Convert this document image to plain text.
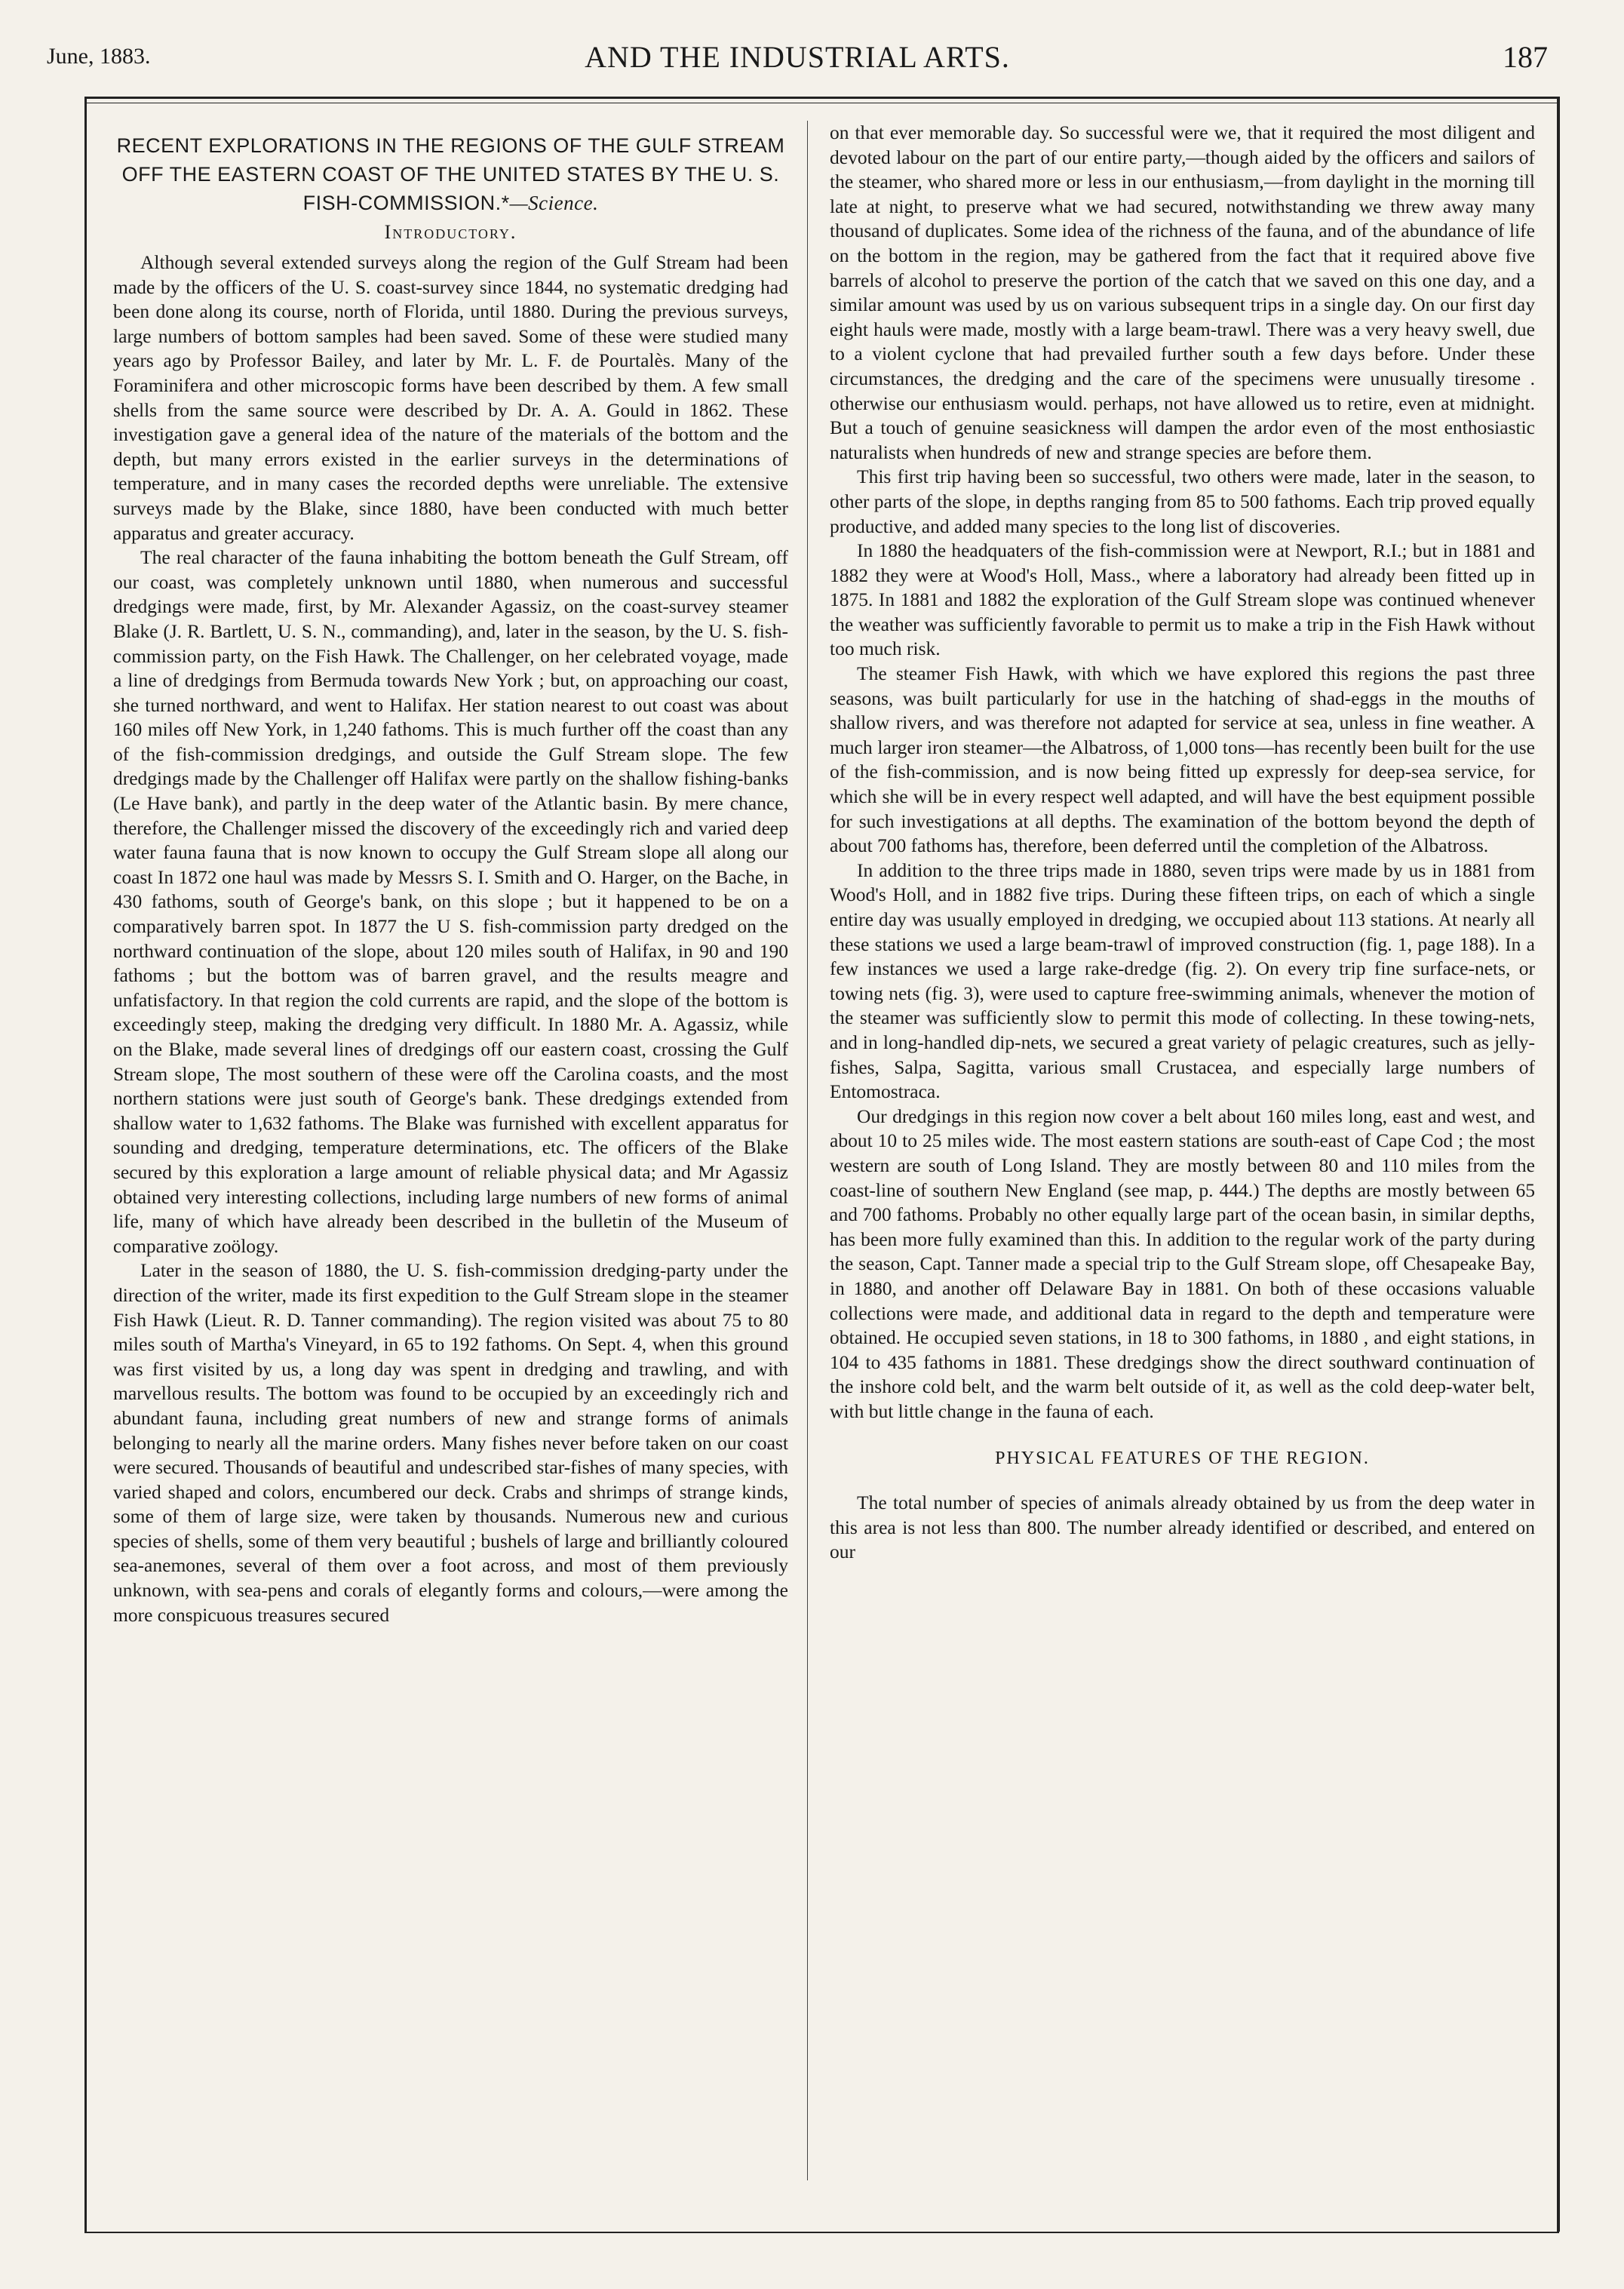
June, 1883.	AND THE INDUSTRIAL ARTS.	187
RECENT EXPLORATIONS IN THE REGIONS OF THE GULF STREAM OFF THE EASTERN COAST OF THE UNITED STATES BY THE U. S. FISH-COMMISSION.*—Science.
Introductory.

Although several extended surveys along the region of the Gulf Stream had been made by the officers of the U. S. coast-survey since 1844, no systematic dredging had been done along its course, north of Florida, until 1880. During the previous surveys, large numbers of bottom samples had been saved. Some of these were studied many years ago by Professor Bailey, and later by Mr. L. F. de Pourtalès. Many of the Foraminifera and other microscopic forms have been described by them. A few small shells from the same source were described by Dr. A. A. Gould in 1862. These investigation gave a general idea of the nature of the materials of the bottom and the depth, but many errors existed in the earlier surveys in the determinations of temperature, and in many cases the recorded depths were unreliable. The extensive surveys made by the Blake, since 1880, have been conducted with much better apparatus and greater accuracy.

The real character of the fauna inhabiting the bottom beneath the Gulf Stream, off our coast, was completely unknown until 1880, when numerous and successful dredgings were made, first, by Mr. Alexander Agassiz, on the coast-survey steamer Blake (J. R. Bartlett, U. S. N., commanding), and, later in the season, by the U. S. fish-commission party, on the Fish Hawk. The Challenger, on her celebrated voyage, made a line of dredgings from Bermuda towards New York ; but, on approaching our coast, she turned northward, and went to Halifax. Her station nearest to out coast was about 160 miles off New York, in 1,240 fathoms. This is much further off the coast than any of the fish-commission dredgings, and outside the Gulf Stream slope. The few dredgings made by the Challenger off Halifax were partly on the shallow fishing-banks (Le Have bank), and partly in the deep water of the Atlantic basin. By mere chance, therefore, the Challenger missed the discovery of the exceedingly rich and varied deep water fauna fauna that is now known to occupy the Gulf Stream slope all along our coast In 1872 one haul was made by Messrs S. I. Smith and O. Harger, on the Bache, in 430 fathoms, south of George's bank, on this slope ; but it happened to be on a comparatively barren spot. In 1877 the U S. fish-commission party dredged on the northward continuation of the slope, about 120 miles south of Halifax, in 90 and 190 fathoms ; but the bottom was of barren gravel, and the results meagre and unfatisfactory. In that region the cold currents are rapid, and the slope of the bottom is exceedingly steep, making the dredging very difficult. In 1880 Mr. A. Agassiz, while on the Blake, made several lines of dredgings off our eastern coast, crossing the Gulf Stream slope, The most southern of these were off the Carolina coasts, and the most northern stations were just south of George's bank. These dredgings extended from shallow water to 1,632 fathoms. The Blake was furnished with excellent apparatus for sounding and dredging, temperature determinations, etc. The officers of the Blake secured by this exploration a large amount of reliable physical data; and Mr Agassiz obtained very interesting collections, including large numbers of new forms of animal life, many of which have already been described in the bulletin of the Museum of comparative zoölogy.

Later in the season of 1880, the U. S. fish-commission dredging-party under the direction of the writer, made its first expedition to the Gulf Stream slope in the steamer Fish Hawk (Lieut. R. D. Tanner commanding). The region visited was about 75 to 80 miles south of Martha's Vineyard, in 65 to 192 fathoms. On Sept. 4, when this ground was first visited by us, a long day was spent in dredging and trawling, and with marvellous results. The bottom was found to be occupied by an exceedingly rich and abundant fauna, including great numbers of new and strange forms of animals belonging to nearly all the marine orders. Many fishes never before taken on our coast were secured. Thousands of beautiful and undescribed star-fishes of many species, with varied shaped and colors, encumbered our deck. Crabs and shrimps of strange kinds, some of them of large size, were taken by thousands. Numerous new and curious species of shells, some of them very beautiful ; bushels of large and brilliantly coloured sea-anemones, several of them over a foot across, and most of them previously unknown, with sea-pens and corals of elegantly forms and colours,—were among the more conspicuous treasures secured

on that ever memorable day. So successful were we, that it required the most diligent and devoted labour on the part of our entire party,—though aided by the officers and sailors of the steamer, who shared more or less in our enthusiasm,—from daylight in the morning till late at night, to preserve what we had secured, notwithstanding we threw away many thousand of duplicates. Some idea of the richness of the fauna, and of the abundance of life on the bottom in the region, may be gathered from the fact that it required above five barrels of alcohol to preserve the portion of the catch that we saved on this one day, and a similar amount was used by us on various subsequent trips in a single day. On our first day eight hauls were made, mostly with a large beam-trawl. There was a very heavy swell, due to a violent cyclone that had prevailed further south a few days before. Under these circumstances, the dredging and the care of the specimens were unusually tiresome . otherwise our enthusiasm would. perhaps, not have allowed us to retire, even at midnight. But a touch of genuine seasickness will dampen the ardor even of the most enthosiastic naturalists when hundreds of new and strange species are before them.

This first trip having been so successful, two others were made, later in the season, to other parts of the slope, in depths ranging from 85 to 500 fathoms. Each trip proved equally productive, and added many species to the long list of discoveries.

In 1880 the headquaters of the fish-commission were at Newport, R.I.; but in 1881 and 1882 they were at Wood's Holl, Mass., where a laboratory had already been fitted up in 1875. In 1881 and 1882 the exploration of the Gulf Stream slope was continued whenever the weather was sufficiently favorable to permit us to make a trip in the Fish Hawk without too much risk.

The steamer Fish Hawk, with which we have explored this regions the past three seasons, was built particularly for use in the hatching of shad-eggs in the mouths of shallow rivers, and was therefore not adapted for service at sea, unless in fine weather. A much larger iron steamer—the Albatross, of 1,000 tons—has recently been built for the use of the fish-commission, and is now being fitted up expressly for deep-sea service, for which she will be in every respect well adapted, and will have the best equipment possible for such investigations at all depths. The examination of the bottom beyond the depth of about 700 fathoms has, therefore, been deferred until the completion of the Albatross.

In addition to the three trips made in 1880, seven trips were made by us in 1881 from Wood's Holl, and in 1882 five trips. During these fifteen trips, on each of which a single entire day was usually employed in dredging, we occupied about 113 stations. At nearly all these stations we used a large beam-trawl of improved construction (fig. 1, page 188). In a few instances we used a large rake-dredge (fig. 2). On every trip fine surface-nets, or towing nets (fig. 3), were used to capture free-swimming animals, whenever the motion of the steamer was sufficiently slow to permit this mode of collecting. In these towing-nets, and in long-handled dip-nets, we secured a great variety of pelagic creatures, such as jelly-fishes, Salpa, Sagitta, various small Crustacea, and especially large numbers of Entomostraca.

Our dredgings in this region now cover a belt about 160 miles long, east and west, and about 10 to 25 miles wide. The most eastern stations are south-east of Cape Cod ; the most western are south of Long Island. They are mostly between 80 and 110 miles from the coast-line of southern New England (see map, p. 444.) The depths are mostly between 65 and 700 fathoms. Probably no other equally large part of the ocean basin, in similar depths, has been more fully examined than this. In addition to the regular work of the party during the season, Capt. Tanner made a special trip to the Gulf Stream slope, off Chesapeake Bay, in 1880, and another off Delaware Bay in 1881. On both of these occasions valuable collections were made, and additional data in regard to the depth and temperature were obtained. He occupied seven stations, in 18 to 300 fathoms, in 1880 , and eight stations, in 104 to 435 fathoms in 1881. These dredgings show the direct southward continuation of the inshore cold belt, and the warm belt outside of it, as well as the cold deep-water belt, with but little change in the fauna of each.

PHYSICAL FEATURES OF THE REGION.

The total number of species of animals already obtained by us from the deep water in this area is not less than 800. The number already identified or described, and entered on our
